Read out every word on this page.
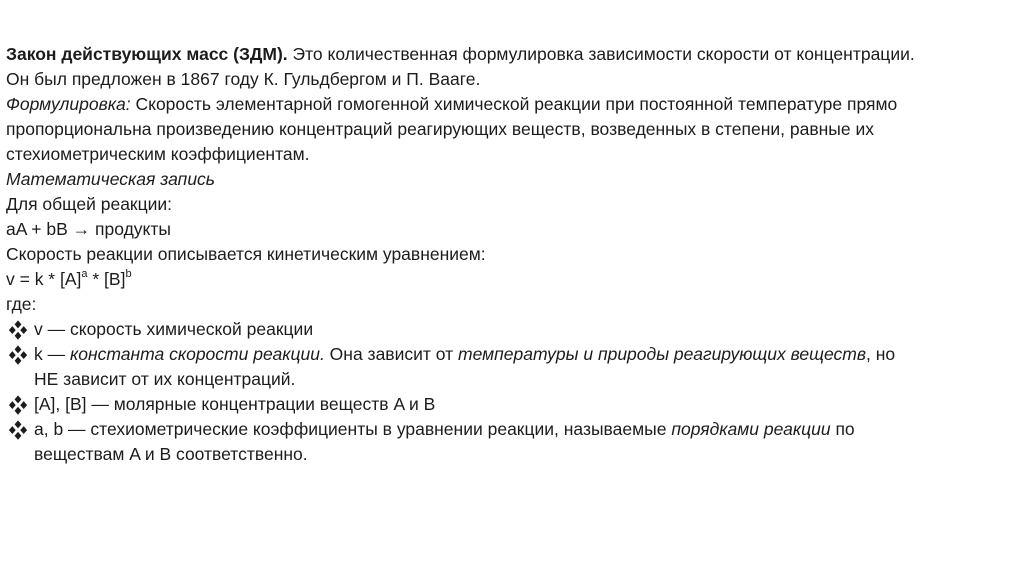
Закон действующих масс (ЗДМ). Это количественная формулировка зависимости скорости от концентрации.
Он был предложен в 1867 году К. Гульдбергом и П. Вааге.
Формулировка: Скорость элементарной гомогенной химической реакции при постоянной температуре прямо
пропорциональна произведению концентраций реагирующих веществ, возведенных в степени, равные их
стехиометрическим коэффициентам.
Математическая запись
Для общей реакции:
aA + bB → продукты
Скорость реакции описывается кинетическим уравнением:
$v = k * [A]^a * [B]^b$
где:
v — скорость химической реакции
k — константа скорости реакции. Она зависит от температуры и природы реагирующих веществ, но
НЕ зависит от их концентраций.
[A], [B] — молярные концентрации веществ A и B
a, b — стехиометрические коэффициенты в уравнении реакции, называемые порядками реакции по
веществам A и B соответственно.
